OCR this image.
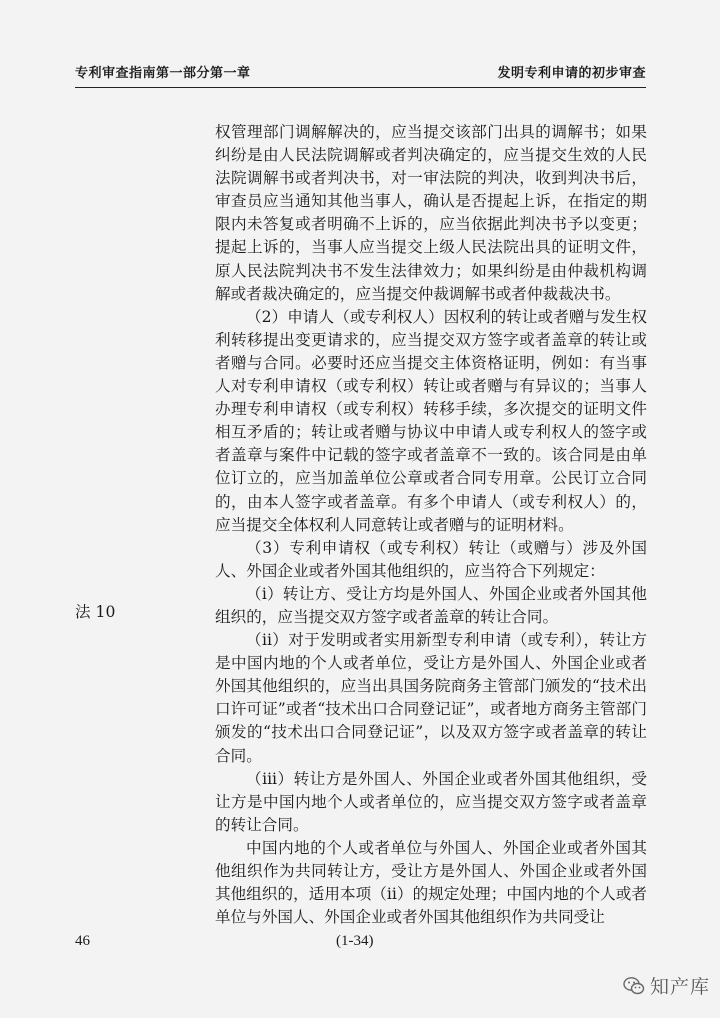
专利审查指南第一部分第一章	发明专利申请的初步审查
法 10

权管理部门调解解决的，应当提交该部门出具的调解书；如果纠纷是由人民法院调解或者判决确定的，应当提交生效的人民法院调解书或者判决书，对一审法院的判决，收到判决书后，审查员应当通知其他当事人，确认是否提起上诉，在指定的期限内未答复或者明确不上诉的，应当依据此判决书予以变更；提起上诉的，当事人应当提交上级人民法院出具的证明文件，原人民法院判决书不发生法律效力；如果纠纷是由仲裁机构调解或者裁决确定的，应当提交仲裁调解书或者仲裁裁决书。

（2）申请人（或专利权人）因权利的转让或者赠与发生权利转移提出变更请求的，应当提交双方签字或者盖章的转让或者赠与合同。必要时还应当提交主体资格证明，例如：有当事人对专利申请权（或专利权）转让或者赠与有异议的；当事人办理专利申请权（或专利权）转移手续，多次提交的证明文件相互矛盾的；转让或者赠与协议中申请人或专利权人的签字或者盖章与案件中记载的签字或者盖章不一致的。该合同是由单位订立的，应当加盖单位公章或者合同专用章。公民订立合同的，由本人签字或者盖章。有多个申请人（或专利权人）的，应当提交全体权利人同意转让或者赠与的证明材料。

（3）专利申请权（或专利权）转让（或赠与）涉及外国人、外国企业或者外国其他组织的，应当符合下列规定：

（i）转让方、受让方均是外国人、外国企业或者外国其他组织的，应当提交双方签字或者盖章的转让合同。

（ii）对于发明或者实用新型专利申请（或专利），转让方是中国内地的个人或者单位，受让方是外国人、外国企业或者外国其他组织的，应当出具国务院商务主管部门颁发的“技术出口许可证”或者“技术出口合同登记证”，或者地方商务主管部门颁发的“技术出口合同登记证”，以及双方签字或者盖章的转让合同。

（iii）转让方是外国人、外国企业或者外国其他组织，受让方是中国内地个人或者单位的，应当提交双方签字或者盖章的转让合同。

中国内地的个人或者单位与外国人、外国企业或者外国其他组织作为共同转让方，受让方是外国人、外国企业或者外国其他组织的，适用本项（ii）的规定处理；中国内地的个人或者单位与外国人、外国企业或者外国其他组织作为共同受让

46	(1-34)
知产库
